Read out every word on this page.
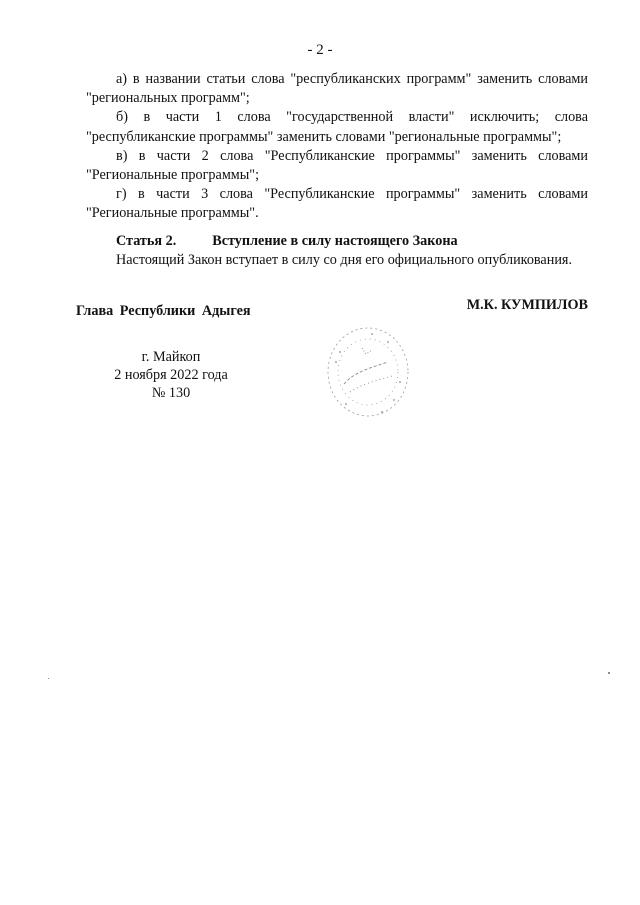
- 2 -

а) в названии статьи слова "республиканских программ" заменить словами "региональных программ";

б) в части 1 слова "государственной власти" исключить; слова "республиканские программы" заменить словами "региональные программы";

в) в части 2 слова "Республиканские программы" заменить словами "Региональные программы";

г) в части 3 слова "Республиканские программы" заменить словами "Региональные программы".

Статья 2.	Вступление в силу настоящего Закона

Настоящий Закон вступает в силу со дня его официального опубликования.

Глава Республики Адыгея	М.К. КУМПИЛОВ
г. Майкоп
2 ноября 2022 года
№ 130
